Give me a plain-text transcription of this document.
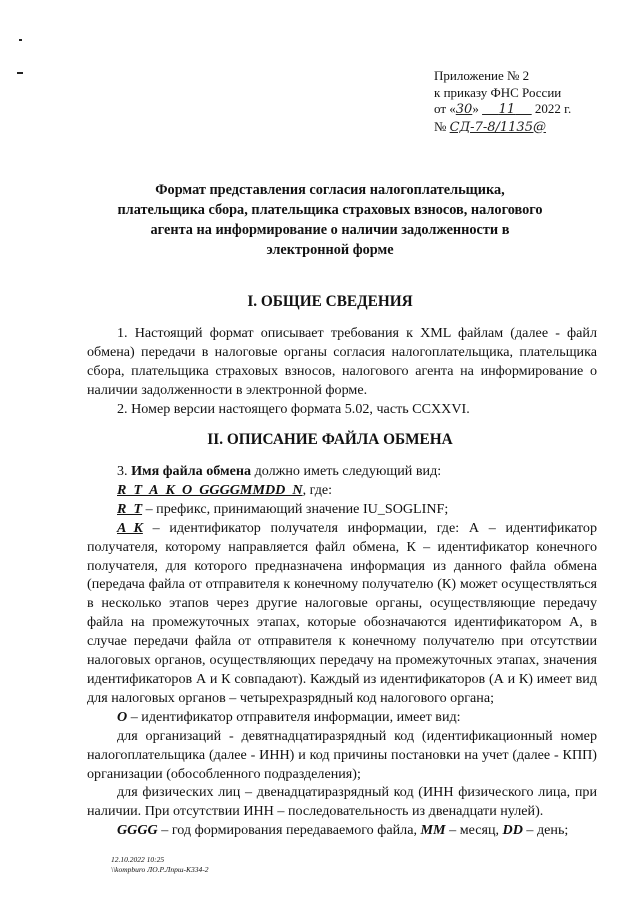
Приложение № 2
к приказу ФНС России
от «30»     11     2022 г.
№ СД-7-8/1135@
Формат представления согласия налогоплательщика, плательщика сбора, плательщика страховых взносов, налогового агента на информирование о наличии задолженности в электронной форме
I. ОБЩИЕ СВЕДЕНИЯ

1. Настоящий формат описывает требования к XML файлам (далее - файл обмена) передачи в налоговые органы согласия налогоплательщика, плательщика сбора, плательщика страховых взносов, налогового агента на информирование о наличии задолженности в электронной форме.

2. Номер версии настоящего формата 5.02, часть CCXXVI.

II. ОПИСАНИЕ ФАЙЛА ОБМЕНА

3. Имя файла обмена должно иметь следующий вид:

R_T_A_K_O_GGGGMMDD_N, где:

R_T – префикс, принимающий значение IU_SOGLINF;

A_K – идентификатор получателя информации, где: А – идентификатор получателя, которому направляется файл обмена, К – идентификатор конечного получателя, для которого предназначена информация из данного файла обмена (передача файла от отправителя к конечному получателю (К) может осуществляться в несколько этапов через другие налоговые органы, осуществляющие передачу файла на промежуточных этапах, которые обозначаются идентификатором А, в случае передачи файла от отправителя к конечному получателю при отсутствии налоговых органов, осуществляющих передачу на промежуточных этапах, значения идентификаторов А и К совпадают). Каждый из идентификаторов (А и К) имеет вид для налоговых органов – четырехразрядный код налогового органа;

O – идентификатор отправителя информации, имеет вид:

для организаций - девятнадцатиразрядный код (идентификационный номер налогоплательщика (далее - ИНН) и код причины постановки на учет (далее - КПП) организации (обособленного подразделения);

для физических лиц – двенадцатиразрядный код (ИНН физического лица, при наличии. При отсутствии ИНН – последовательность из двенадцати нулей).

GGGG – год формирования передаваемого файла, MM – месяц, DD – день;

12.10.2022 10:25
\\kompburo ЛО.Р.Лпрш-К334-2
